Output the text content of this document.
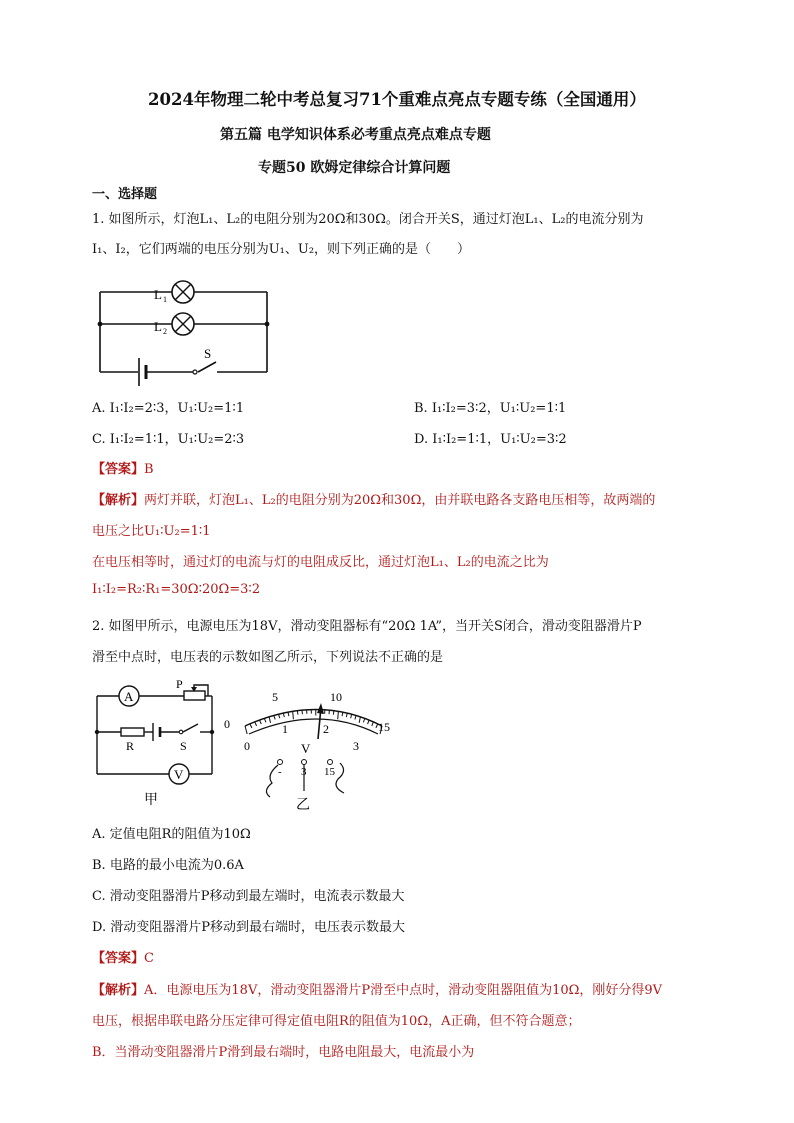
2024年物理二轮中考总复习71个重难点亮点专题专练（全国通用）
第五篇 电学知识体系必考重点亮点难点专题
专题50 欧姆定律综合计算问题
一、选择题
1. 如图所示，灯泡L₁、L₂的电阻分别为20Ω和30Ω。闭合开关S，通过灯泡L₁、L₂的电流分别为
I₁、I₂，它们两端的电压分别为U₁、U₂，则下列正确的是（　　）
L 1
L 2
S
A. I₁∶I₂=2∶3，U₁∶U₂=1∶1	B. I₁∶I₂=3∶2，U₁∶U₂=1∶1
C. I₁∶I₂=1∶1，U₁∶U₂=2∶3	D. I₁∶I₂=1∶1，U₁∶U₂=3∶2
【答案】B
【解析】两灯并联，灯泡L₁、L₂的电阻分别为20Ω和30Ω，由并联电路各支路电压相等，故两端的
电压之比U₁∶U₂=1∶1
在电压相等时，通过灯的电流与灯的电阻成反比，通过灯泡L₁、L₂的电流之比为
I₁∶I₂=R₂∶R₁=30Ω∶20Ω=3∶2
2. 如图甲所示，电源电压为18V，滑动变阻器标有“20Ω 1A”，当开关S闭合，滑动变阻器滑片P
滑至中点时，电压表的示数如图乙所示，下列说法不正确的是
A
V
P
R	S
甲
0
5	10
15
0
1	2
3
V
- 3 15
乙
A. 定值电阻R的阻值为10Ω
B. 电路的最小电流为0.6A
C. 滑动变阻器滑片P移动到最左端时，电流表示数最大
D. 滑动变阻器滑片P移动到最右端时，电压表示数最大
【答案】C
【解析】A．电源电压为18V，滑动变阻器滑片P滑至中点时，滑动变阻器阻值为10Ω，刚好分得9V
电压，根据串联电路分压定律可得定值电阻R的阻值为10Ω，A正确，但不符合题意；
B．当滑动变阻器滑片P滑到最右端时，电路电阻最大，电流最小为
